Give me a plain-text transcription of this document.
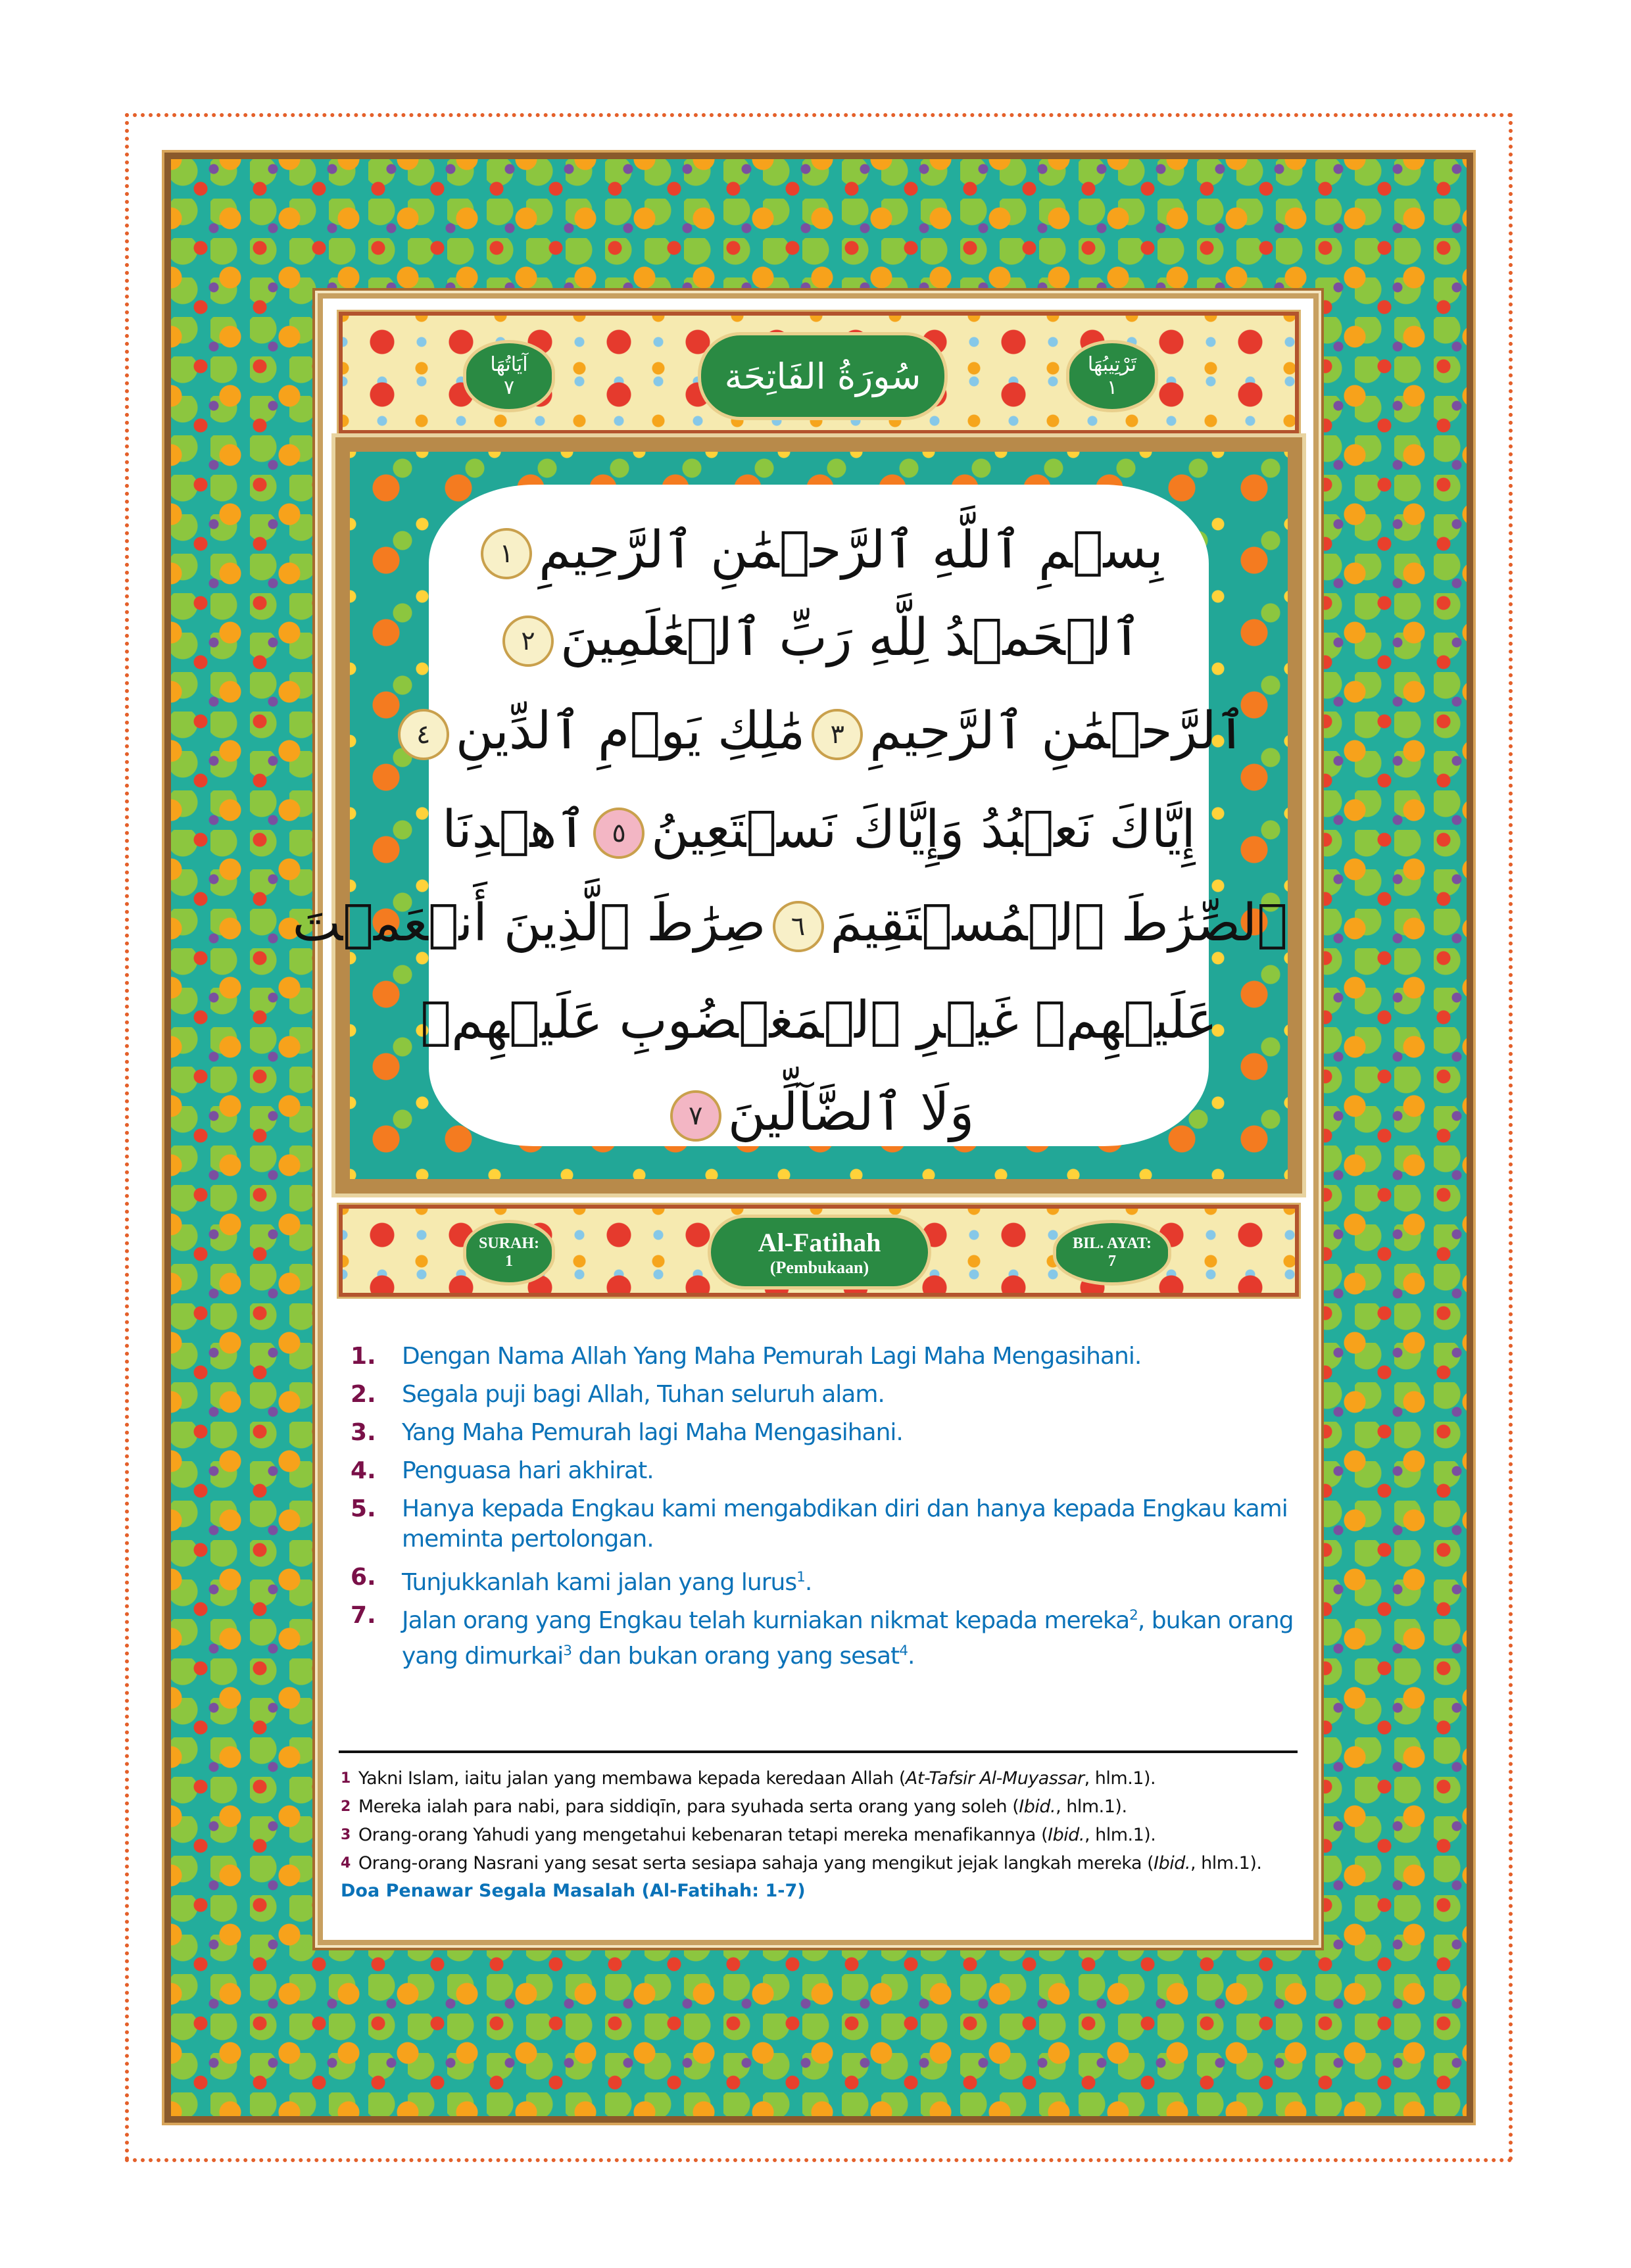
آيَاتُهَا
٧	سُورَةُ الفَاتِحَة	تَرْتِيبُهَا
١
بِسۡمِ ٱللَّهِ ٱلرَّحۡمَٰنِ ٱلرَّحِيمِ١
ٱلۡحَمۡدُ لِلَّهِ رَبِّ ٱلۡعَٰلَمِينَ٢
ٱلرَّحۡمَٰنِ ٱلرَّحِيمِ٣مَٰلِكِ يَوۡمِ ٱلدِّينِ٤
إِيَّاكَ نَعۡبُدُ وَإِيَّاكَ نَسۡتَعِينُ٥ٱهۡدِنَا
ٱلصِّرَٰطَ ٱلۡمُسۡتَقِيمَ٦صِرَٰطَ ٱلَّذِينَ أَنۡعَمۡتَ
عَلَيۡهِمۡ غَيۡرِ ٱلۡمَغۡضُوبِ عَلَيۡهِمۡ
وَلَا ٱلضَّآلِّينَ٧
SURAH:
1
Al-Fatihah
(Pembukaan)
BIL. AYAT:
7
1. Dengan Nama Allah Yang Maha Pemurah Lagi Maha Mengasihani.
2. Segala puji bagi Allah, Tuhan seluruh alam.
3. Yang Maha Pemurah lagi Maha Mengasihani.
4. Penguasa hari akhirat.
5. Hanya kepada Engkau kami mengabdikan diri dan hanya kepada Engkau kami meminta pertolongan.
6. Tunjukkanlah kami jalan yang lurus$^1$.
7. Jalan orang yang Engkau telah kurniakan nikmat kepada mereka$^2$, bukan orang yang dimurkai$^3$ dan bukan orang yang sesat$^4$.
$^1$ Yakni Islam, iaitu jalan yang membawa kepada keredaan Allah (At-Tafsir Al-Muyassar, hlm.1).
$^2$ Mereka ialah para nabi, para siddiqīn, para syuhada serta orang yang soleh (Ibid., hlm.1).
$^3$ Orang-orang Yahudi yang mengetahui kebenaran tetapi mereka menafikannya (Ibid., hlm.1).
$^4$ Orang-orang Nasrani yang sesat serta sesiapa sahaja yang mengikut jejak langkah mereka (Ibid., hlm.1).
Doa Penawar Segala Masalah (Al-Fatihah: 1-7)
